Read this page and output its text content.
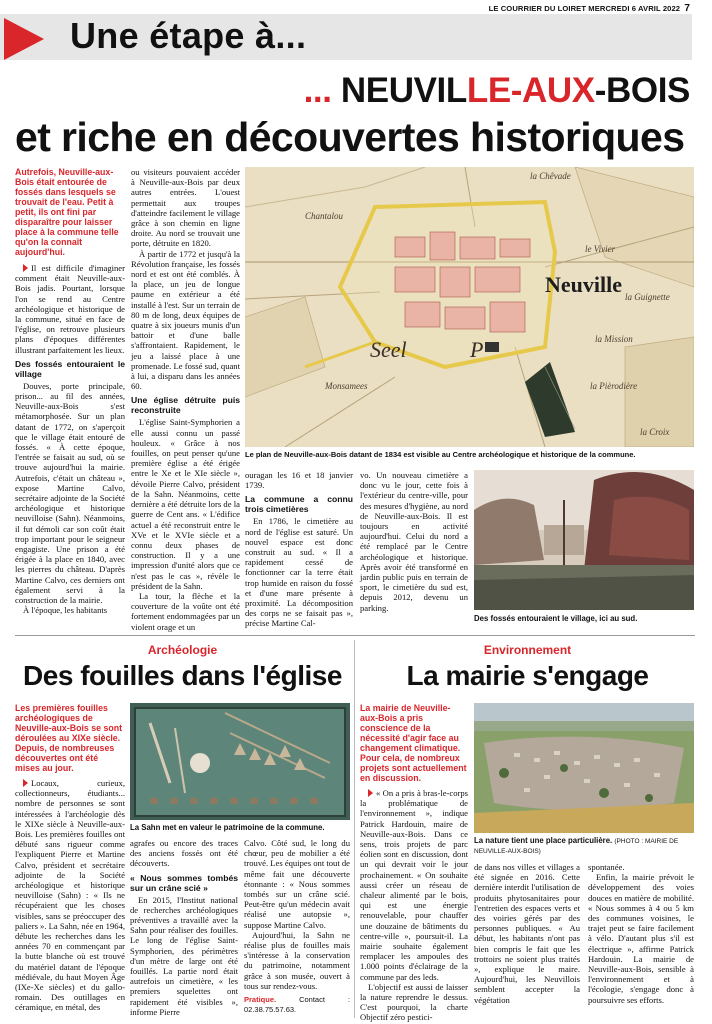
LE COURRIER DU LOIRET MERCREDI 6 AVRIL 2022 7
Une étape à...
... NEUVILLE-AUX-BOIS
et riche en découvertes historiques
Autrefois, Neuville-aux-Bois était entourée de fossés dans lesquels se trouvait de l'eau. Petit à petit, ils ont fini par disparaître pour laisser place à la commune telle qu'on la connaît aujourd'hui.

Il est difficile d'imaginer comment était Neuville-aux-Bois jadis. Pourtant, lorsque l'on se rend au Centre archéologique et historique de la commune, situé en face de l'église, on retrouve plusieurs plans d'époques différentes illustrant parfaitement les lieux.

Des fossés entouraient le village

Douves, porte principale, prison... au fil des années, Neuville-aux-Bois s'est métamorphosée. Sur un plan datant de 1772, on s'aperçoit que le village était entouré de fossés. « À cette époque, l'entrée se faisait au sud, où se trouve aujourd'hui la mairie. Autrefois, c'était un château », expose Martine Calvo, secrétaire adjointe de la Société archéologique et historique neuvilloise (Sahn). Néanmoins, il fut démoli car son coût était trop important pour le seigneur engagiste. Une prison a été érigée à la place en 1840, avec les pierres du château. D'après Martine Calvo, ces derniers ont également servi à la construction de la mairie.

À l'époque, les habitants

ou visiteurs pouvaient accéder à Neuville-aux-Bois par deux autres entrées. L'ouest permettait aux troupes d'atteindre facilement le village grâce à son chemin en ligne droite. Au nord se trouvait une porte, détruite en 1820.

À partir de 1772 et jusqu'à la Révolution française, les fossés nord et est ont été comblés. À la place, un jeu de longue paume en extérieur a été installé à l'est. Sur un terrain de 80 m de long, deux équipes de quatre à six joueurs munis d'un battoir et d'une balle s'affrontaient. Rapidement, le jeu a laissé place à une promenade. Le fossé sud, quant à lui, a disparu dans les années 60.

Une église détruite puis reconstruite

L'église Saint-Symphorien a elle aussi connu un passé houleux. « Grâce à nos fouilles, on peut penser qu'une première église a été érigée entre le Xe et le XIe siècle », dévoile Pierre Calvo, président de la Sahn. Néanmoins, cette dernière a été détruite lors de la guerre de Cent ans. « L'édifice actuel a été reconstruit entre le XVe et le XVIe siècle et a connu deux phases de construction. Il y a une impression d'unité alors que ce n'est pas le cas », révèle le président de la Sahn.

La tour, la flèche et la couverture de la voûte ont été fortement endommagées par un violent orage et un

Neuville
Seel	P
Chantalou
la Chêvade
le Vivier
la Guignette
la Mission
Monsamees	la Pièrodière
la Croix
Le plan de Neuville-aux-Bois datant de 1834 est visible au Centre archéologique et historique de la commune.

ouragan les 16 et 18 janvier 1739.

La commune a connu trois cimetières

En 1786, le cimetière au nord de l'église est saturé. Un nouvel espace est donc construit au sud. « Il a rapidement cessé de fonctionner car la terre était trop humide en raison du fossé et d'une mare présente à proximité. La décomposition des corps ne se faisait pas », précise Martine Cal-

vo. Un nouveau cimetière a donc vu le jour, cette fois à l'extérieur du centre-ville, pour des mesures d'hygiène, au nord de Neuville-aux-Bois. Il est toujours en activité aujourd'hui. Celui du nord a été remplacé par le Centre archéologique et historique. Après avoir été transformé en jardin public puis en terrain de sport, le cimetière du sud est, depuis 2012, devenu un parking.

Des fossés entouraient le village, ici au sud.
Archéologie
Des fouilles dans l'église
Les premières fouilles archéologiques de Neuville-aux-Bois se sont déroulées au XIXe siècle. Depuis, de nombreuses découvertes ont été mises au jour.

Locaux, curieux, collectionneurs, étudiants... nombre de personnes se sont intéressées à l'archéologie dès le XIXe siècle à Neuville-aux-Bois. Les premières fouilles ont débuté sans rigueur comme l'expliquent Pierre et Martine Calvo, président et secrétaire adjointe de la Société archéologique et historique neuvilloise (Sahn) : « Ils ne récupéraient que les choses visibles, sans se préoccuper des paliers ». La Sahn, née en 1964, débute les recherches dans les années 70 en commençant par la butte blanche où est trouvé du matériel datant de l'époque médiévale, du haut Moyen Âge (IXe-Xe siècles) et du gallo-romain. Des outillages en céramique, en métal, des

La Sahn met en valeur le patrimoine de la commune.

agrafes ou encore des traces des anciens fossés ont été découverts.

« Nous sommes tombés sur un crâne scié »

En 2015, l'Institut national de recherches archéologiques préventives a travaillé avec la Sahn pour réaliser des fouilles. Le long de l'église Saint-Symphorien, des périmètres d'un mètre de large ont été fouillés. La partie nord était autrefois un cimetière, « les premiers squelettes ont rapidement été visibles », informe Pierre

Calvo. Côté sud, le long du chœur, peu de mobilier a été trouvé. Les équipes ont tout de même fait une découverte étonnante : « Nous sommes tombés sur un crâne scié. Peut-être qu'un médecin avait réalisé une autopsie », suppose Martine Calvo.

Aujourd'hui, la Sahn ne réalise plus de fouilles mais s'intéresse à la conservation du patrimoine, notamment grâce à son musée, ouvert à tous sur rendez-vous.

Pratique.	Contact : 02.38.75.57.63.
Environnement
La mairie s'engage
La mairie de Neuville-aux-Bois a pris conscience de la nécessité d'agir face au changement climatique. Pour cela, de nombreux projets sont actuellement en discussion.

« On a pris à bras-le-corps la problématique de l'environnement », indique Patrick Hardouin, maire de Neuville-aux-Bois. Dans ce sens, trois projets de parc éolien sont en discussion, dont un qui devrait voir le jour prochainement. « On souhaite aussi créer un réseau de chaleur alimenté par le bois, qui est une énergie renouvelable, pour chauffer une douzaine de bâtiments du centre-ville », poursuit-il. La mairie souhaite également remplacer les ampoules des 1.000 points d'éclairage de la commune par des leds.

L'objectif est aussi de laisser la nature reprendre le dessus. C'est pourquoi, la charte Objectif zéro pestici-

La nature tient une place particulière. (PHOTO : MAIRIE DE NEUVILLE-AUX-BOIS)

de dans nos villes et villages a été signée en 2016. Cette dernière interdit l'utilisation de produits phytosanitaires pour l'entretien des espaces verts et des voiries gérés par des personnes publiques. « Au début, les habitants n'ont pas bien compris le fait que les trottoirs ne soient plus traités », explique le maire. Aujourd'hui, les Neuvillois semblent accepter la végétation

spontanée.

Enfin, la mairie prévoit le développement des voies douces en matière de mobilité. « Nous sommes à 4 ou 5 km des communes voisines, le trajet peut se faire facilement à vélo. D'autant plus s'il est électrique », affirme Patrick Hardouin. La mairie de Neuville-aux-Bois, sensible à l'environnement et à l'écologie, s'engage donc à poursuivre ses efforts.
